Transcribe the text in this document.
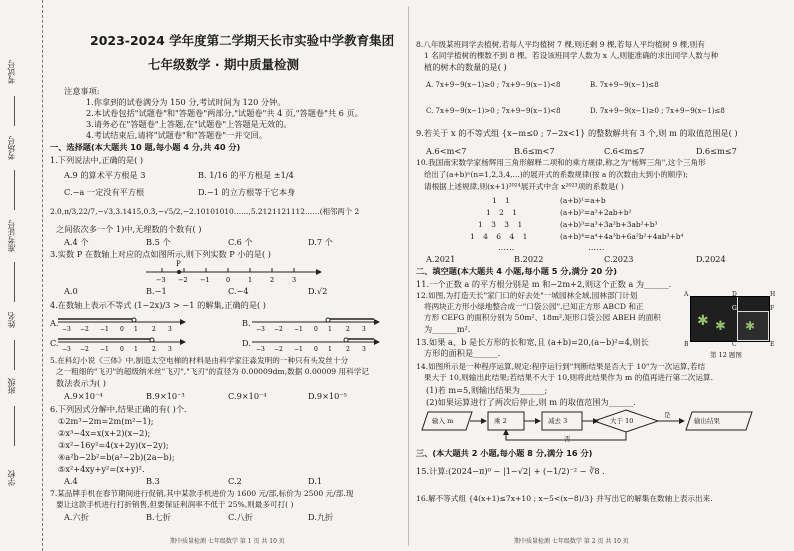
考试号
考场号
准考证号
姓名
班级
学校
2023-2024 学年度第二学期天长市实验中学教育集团
七年级数学 · 期中质量检测
注意事项:
1.你拿到的试卷满分为 150 分,考试时间为 120 分钟。
2.本试卷包括"试题卷"和"答题卷"两部分,"试题卷"共 4 页,"答题卷"共 6 页。
3.请务必在"答题卷"上答题,在"试题卷"上答题是无效的。
4.考试结束后,请将"试题卷"和"答题卷"一并交回。
一、选择题(本大题共 10 题,每小题 4 分,共 40 分)
1.下列说法中,正确的是( )
A.9 的算术平方根是 3	B. 1/16 的平方根是 ±1/4
C.−a 一定没有平方根	D.−1 的立方根等于它本身
2.0,π/3,22/7,−√3,3.1415,0.3̇,−√5/2,−2.10101010……,5.2121121112……(相邻两个 2
之间依次多一个 1)中,无理数的个数有( )
A.4 个	B.5 个	C.6 个	D.7 个
3.实数 P 在数轴上对应的点如图所示,则下列实数 P 小的是( )
P
−3 −2 −1	0	1	2	3
A.0	B.−1	C.−4	D.√2
4.在数轴上表示不等式 (1−2x)/3 > −1 的解集,正确的是( )
A.
−3 −2 −1 0 1 2 3
B.
−3 −2 −1 0 1 2 3
C.
−3 −2 −1 0 1 2 3
D.
−3 −2 −1 0 1 2 3
5.在科幻小说《三体》中,制造太空电梯的材料是由科学家汪淼发明的一种只有头发丝十分
之一粗细的"飞刃"的超级纳米丝"飞刃","飞刃"的直径为 0.00009dm,数据 0.00009 用科学记
数法表示为( )
A.9×10⁻⁴	B.9×10⁻³	C.9×10⁻⁴	D.9×10⁻⁵
6.下列因式分解中,结果正确的有( )个.
①2m³−2m=2m(m²−1);
②x³−4x=x(x+2)(x−2);
③x²−16y²=4(x+2y)(x−2y);
④a²b−2b²=b(a²−2b)(2a−b);
⑤x²+4xy+y²=(x+y)².
A.4	B.3	C.2	D.1
7.某品牌手机在春节期间进行促销,其中某款手机进价为 1600 元/部,标价为 2500 元/部.现
要让这款手机进行打折销售,但要保证利润率不低于 25%,则最多可打( )
A.六折	B.七折	C.八折	D.九折
期中质量检测 七年级数学 第 1 页 共 10 页
8.八年级某班同学去植树,若每人平均植树 7 棵,则还剩 9 棵,若每人平均植树 9 棵,则有
1 名同学植树的棵数不到 8 棵。若设该班同学人数为 x 人,则能准确的求出同学人数与种
植的树木的数量的是( )
A. 7x+9−9(x−1)≥0 ; 7x+9−9(x−1)<8	B. 7x+9−9(x−1)≤8
C. 7x+9−9(x−1)>0 ; 7x+9−9(x−1)<8	D. 7x+9−9(x−1)≥0 ; 7x+9−9(x−1)≤8
9.若关于 x 的不等式组 {x−m≤0 ; 7−2x<1} 的整数解共有 3 个,则 m 的取值范围是( )
A.6<m<7	B.6≤m<7	C.6<m≤7	D.6≤m≤7
10.我国南宋数学家杨辉用三角形解释二项和的乘方规律,称之为"杨辉三角",这个三角形
给出了(a+b)ⁿ(n=1,2,3,4,…)的展开式的系数规律(按 a 的次数由大到小的顺序);
请根据上述规律,则(x+1)²⁰²⁴展开式中含 x²⁰²³项的系数是( )
1 1
1 2 1
1 3 3 1
1 4 6 4 1
(a+b)¹=a+b
(a+b)²=a²+2ab+b²
(a+b)³=a³+3a²b+3ab²+b³
(a+b)⁴=a⁴+4a³b+6a²b²+4ab³+b⁴
……	……
A.2021	B.2022	C.2023	D.2024
二、填空题(本大题共 4 小题,每小题 5 分,满分 20 分)
11.一个正数 a 的平方根分别是 m 和−2m+2,则这个正数 a 为______.
12.如图,为打造天长"家门口的好去处"一城园林全域,园林部门计划
将两块正方形小绿地整合成一"口袋公园".已知正方形 ABCD 和正
方形 CEFG 的面积分别为 50m²、18m²,矩形口袋公园 ABEH 的面积
为______m².	✱ ✱ ✱
A	D	H
G	F
B	C	E
第 12 题图
13.如果 a、b 是长方形的长和宽,且 (a+b)=20,(a−b)²=4,则长
方形的面积是______.
14.如图所示是一种程序运算,规定:程序运行到"判断结果是否大于 10"为一次运算,若结
果大于 10,则输出此结果;若结果不大于 10,则将此结果作为 m 的值再进行第二次运算.
(1)若 m=5,则输出结果为______;
(2)如果运算进行了两次后停止,则 m 的取值范围为______.
输入 m	乘 2	减去 3	大于 10
是
输出结果
否
三、(本大题共 2 小题,每小题 8 分,满分 16 分)
15.计算:(2024−π)⁰ − |1−√2| + (−1/2)⁻² − ∛8 .
16.解不等式组 {4(x+1)≤7x+10 ; x−5<(x−8)/3} 并写出它的解集在数轴上表示出来.
期中质量检测 七年级数学 第 2 页 共 10 页
